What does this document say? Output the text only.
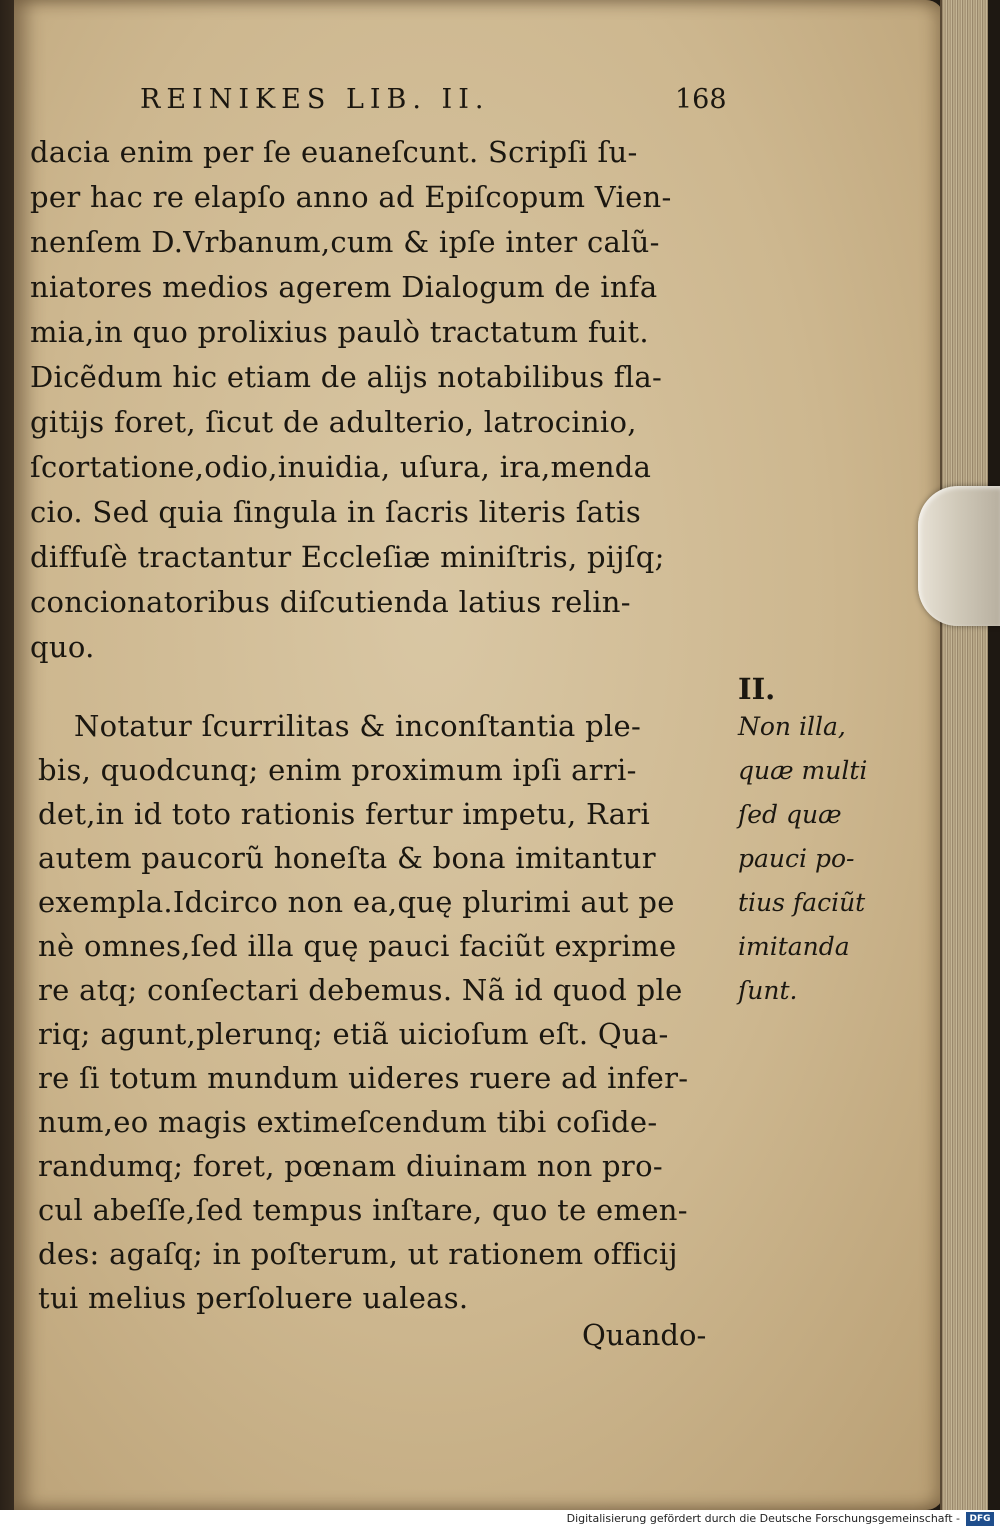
REINIKES LIB. II.	168
dacia enim per ſe euaneſcunt. Scripſi ſu-
per hac re elapſo anno ad Epiſcopum Vien-
nenſem D.Vrbanum,cum & ipſe inter calũ-
niatores medios agerem Dialogum de infa
mia,in quo prolixius paulò tractatum fuit.
Dicẽdum hic etiam de alijs notabilibus fla-
gitijs foret, ſicut de adulterio, latrocinio,
ſcortatione,odio,inuidia, uſura, ira,menda
cio. Sed quia ſingula in ſacris literis ſatis
diffuſè tractantur Eccleſiæ miniſtris, pijſq;
concionatoribus diſcutienda latius relin-
quo.
II.
Notatur ſcurrilitas & inconſtantia ple-
bis, quodcunq; enim proximum ipſi arri-
det,in id toto rationis fertur impetu, Rari
autem paucorũ honeſta & bona imitantur
exempla.Idcirco non ea,quę plurimi aut pe
nè omnes,ſed illa quę pauci faciũt exprime
re atq; conſectari debemus. Nã id quod ple
riq; agunt,plerunq; etiã uicioſum eſt. Qua-
re ſi totum mundum uideres ruere ad infer-
num,eo magis extimeſcendum tibi coſide-
randumq; foret, pœnam diuinam non pro-
cul abeſſe,ſed tempus inſtare, quo te emen-
des: agaſq; in poſterum, ut rationem officij
tui melius perſoluere ualeas.
Non illa,
quæ multi
ſed quæ
pauci po-
tius faciũt
imitanda
ſunt.
Quando-
Digitalisierung gefördert durch die Deutsche Forschungsgemeinschaft -	DFG
